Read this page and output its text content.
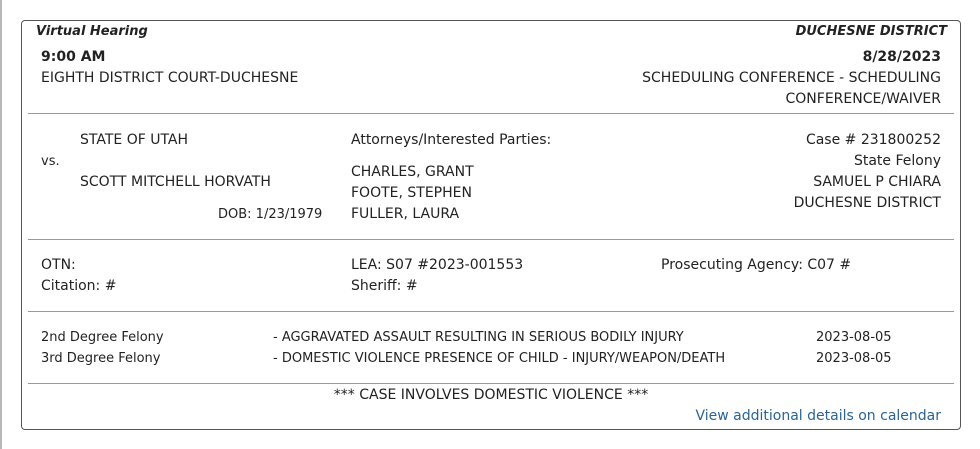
Virtual Hearing	DUCHESNE DISTRICT
9:00 AM	8/28/2023
EIGHTH DISTRICT COURT-DUCHESNE	SCHEDULING CONFERENCE - SCHEDULING
CONFERENCE/WAIVER
STATE OF UTAH
vs.
SCOTT MITCHELL HORVATH
DOB: 1/23/1979
Attorneys/Interested Parties:
CHARLES, GRANT
FOOTE, STEPHEN
FULLER, LAURA
Case # 231800252
State Felony
SAMUEL P CHIARA
DUCHESNE DISTRICT
OTN:
Citation: #
LEA: S07 #2023-001553
Sheriff: #
Prosecuting Agency: C07 #
2nd Degree Felony	- AGGRAVATED ASSAULT RESULTING IN SERIOUS BODILY INJURY	2023-08-05
3rd Degree Felony	- DOMESTIC VIOLENCE PRESENCE OF CHILD - INJURY/WEAPON/DEATH	2023-08-05
*** CASE INVOLVES DOMESTIC VIOLENCE ***
View additional details on calendar
